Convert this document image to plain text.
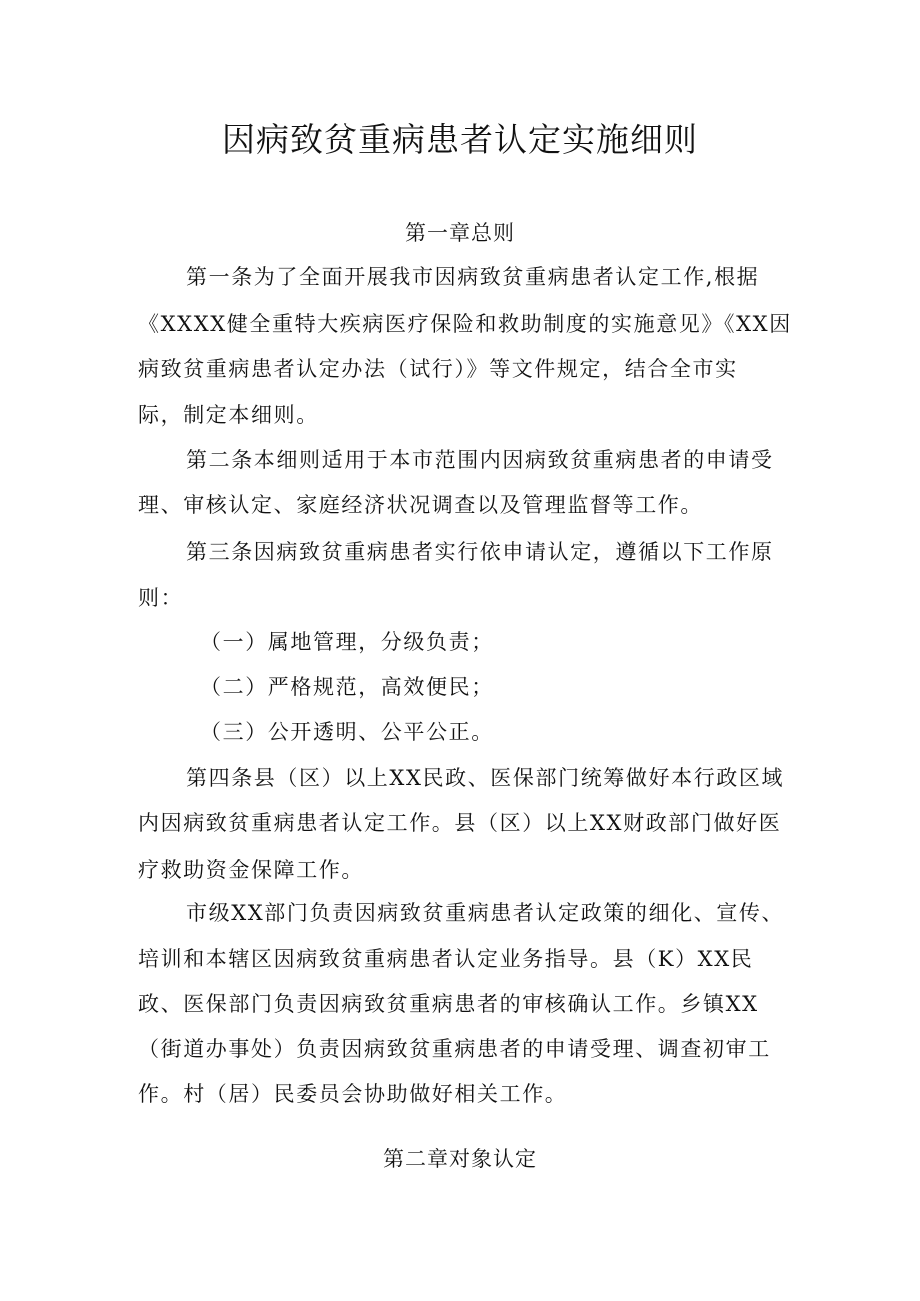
因病致贫重病患者认定实施细则
第一章总则
第一条为了全面开展我市因病致贫重病患者认定工作,根据
《XXXX健全重特大疾病医疗保险和救助制度的实施意见》《XX因
病致贫重病患者认定办法（试行）》等文件规定，结合全市实
际，制定本细则。
第二条本细则适用于本市范围内因病致贫重病患者的申请受
理、审核认定、家庭经济状况调查以及管理监督等工作。
第三条因病致贫重病患者实行依申请认定，遵循以下工作原
则：
（一）属地管理，分级负责；
（二）严格规范，高效便民；
（三）公开透明、公平公正。
第四条县（区）以上XX民政、医保部门统筹做好本行政区域
内因病致贫重病患者认定工作。县（区）以上XX财政部门做好医
疗救助资金保障工作。
市级XX部门负责因病致贫重病患者认定政策的细化、宣传、
培训和本辖区因病致贫重病患者认定业务指导。县（K）XX民
政、医保部门负责因病致贫重病患者的审核确认工作。乡镇XX
（街道办事处）负责因病致贫重病患者的申请受理、调查初审工
作。村（居）民委员会协助做好相关工作。
第二章对象认定
